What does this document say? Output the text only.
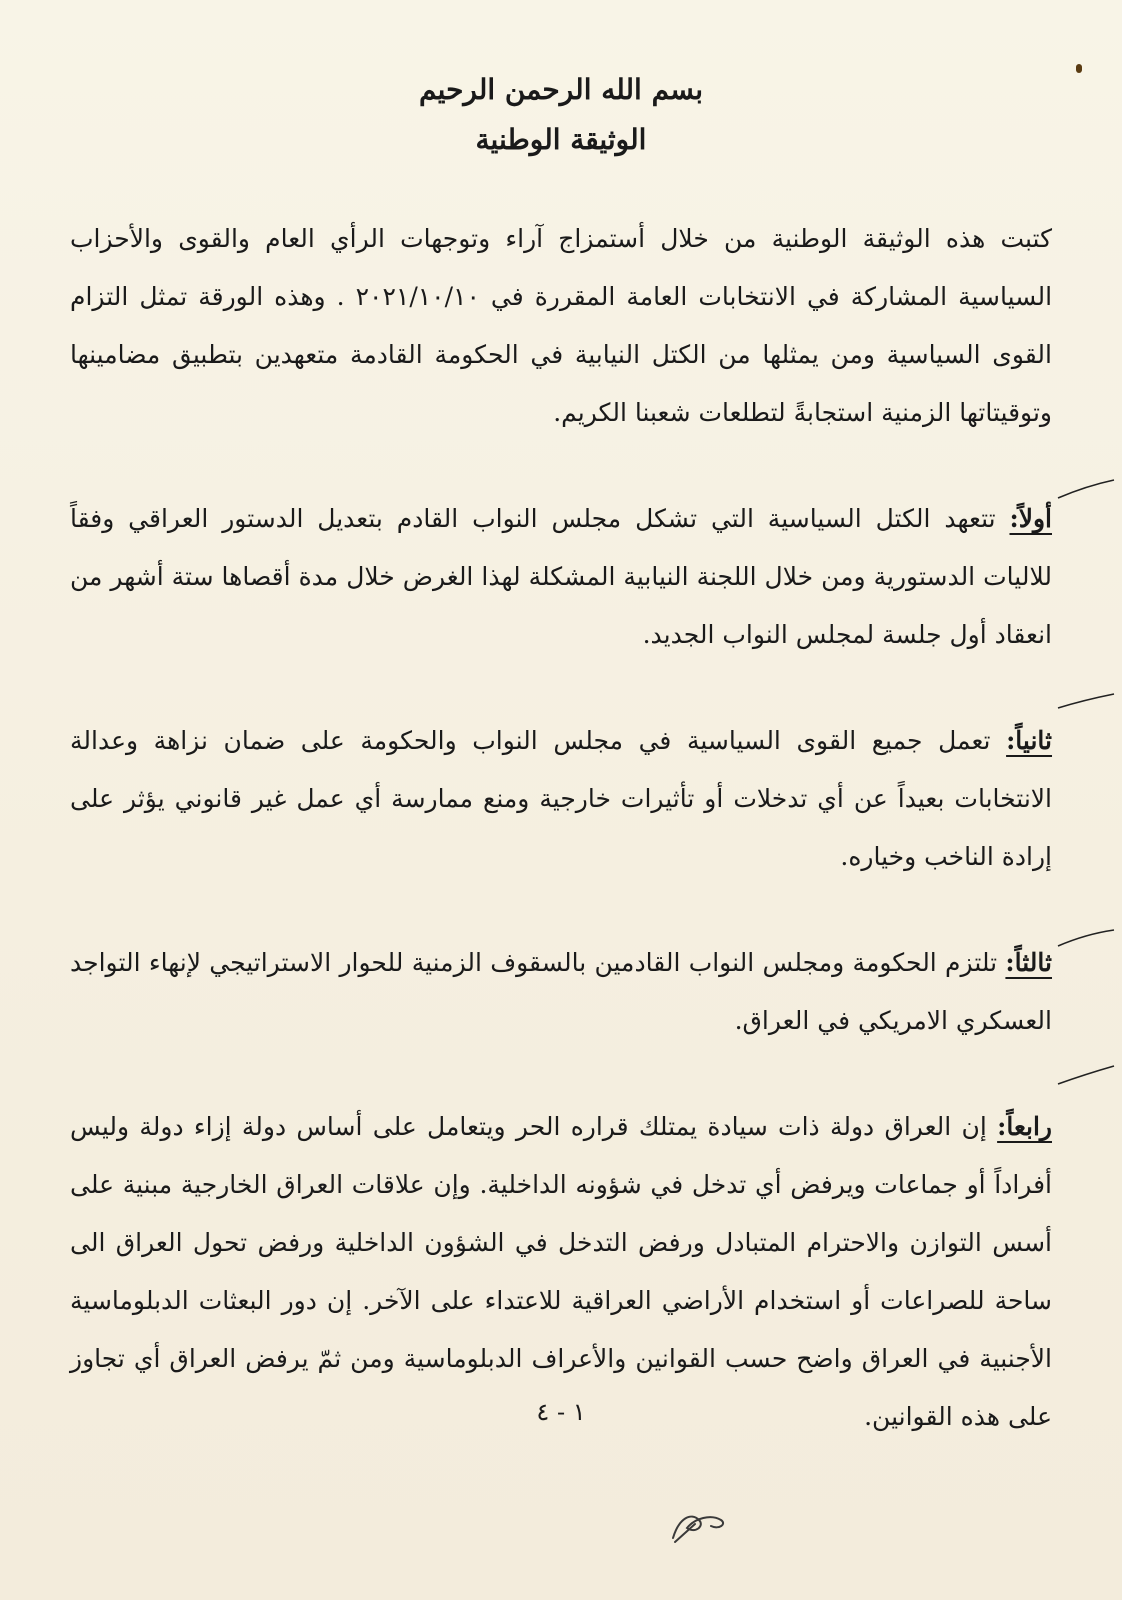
بسم الله الرحمن الرحيم
الوثيقة الوطنية

كتبت هذه الوثيقة الوطنية من خلال أستمزاج آراء وتوجهات الرأي العام والقوى والأحزاب السياسية المشاركة في الانتخابات العامة المقررة في ٢٠٢١/١٠/١٠ . وهذه الورقة تمثل التزام القوى السياسية ومن يمثلها من الكتل النيابية في الحكومة القادمة متعهدين بتطبيق مضامينها وتوقيتاتها الزمنية استجابةً لتطلعات شعبنا الكريم.

أولاً: تتعهد الكتل السياسية التي تشكل مجلس النواب القادم بتعديل الدستور العراقي وفقاً للاليات الدستورية ومن خلال اللجنة النيابية المشكلة لهذا الغرض خلال مدة أقصاها ستة أشهر من انعقاد أول جلسة لمجلس النواب الجديد.

ثانياً: تعمل جميع القوى السياسية في مجلس النواب والحكومة على ضمان نزاهة وعدالة الانتخابات بعيداً عن أي تدخلات أو تأثيرات خارجية ومنع ممارسة أي عمل غير قانوني يؤثر على إرادة الناخب وخياره.

ثالثاً: تلتزم الحكومة ومجلس النواب القادمين بالسقوف الزمنية للحوار الاستراتيجي لإنهاء التواجد العسكري الامريكي في العراق.

رابعاً: إن العراق دولة ذات سيادة يمتلك قراره الحر ويتعامل على أساس دولة إزاء دولة وليس أفراداً أو جماعات ويرفض أي تدخل في شؤونه الداخلية. وإن علاقات العراق الخارجية مبنية على أسس التوازن والاحترام المتبادل ورفض التدخل في الشؤون الداخلية ورفض تحول العراق الى ساحة للصراعات أو استخدام الأراضي العراقية للاعتداء على الآخر. إن دور البعثات الدبلوماسية الأجنبية في العراق واضح حسب القوانين والأعراف الدبلوماسية ومن ثمّ يرفض العراق أي تجاوز على هذه القوانين.

١ - ٤
